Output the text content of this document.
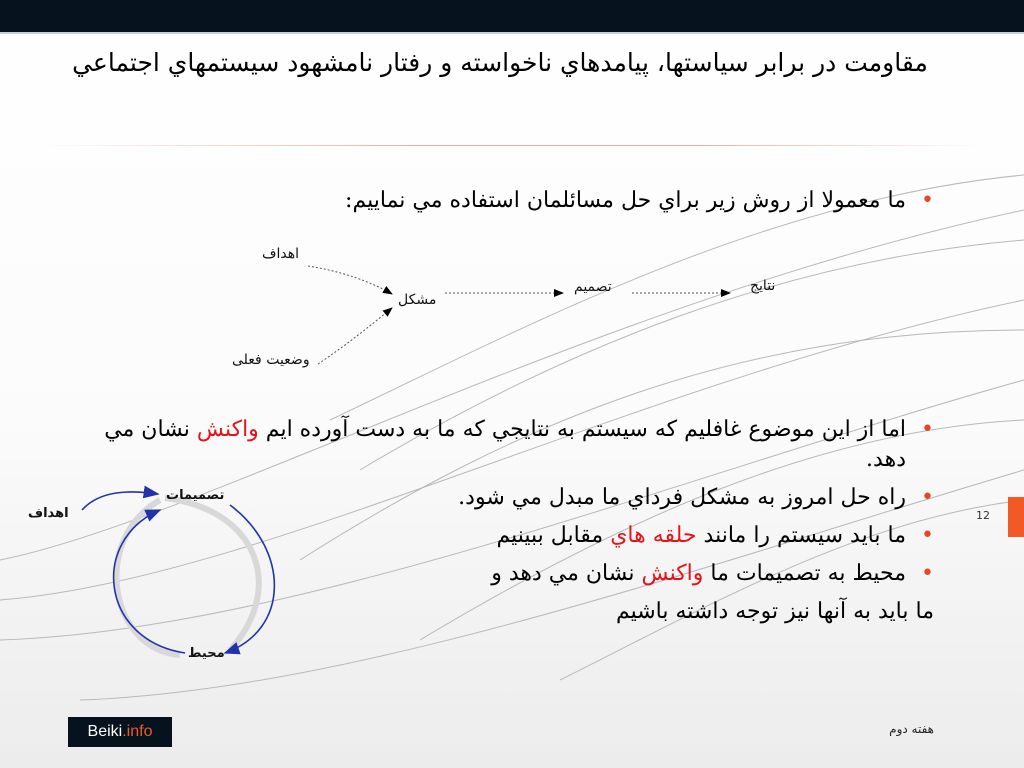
مقاومت در برابر سياستها، پيامدهاي ناخواسته و رفتار نامشهود سيستمهاي اجتماعي
• ما معمولا از روش زير براي حل مسائلمان استفاده مي نماييم:
اهداف
وضعيت فعلى
مشكل
تصميم	نتايج
• اما از اين موضوع غافليم كه سيستم به نتايجي كه ما به دست آورده ايم واكنش نشان مي دهد.
• راه حل امروز به مشكل فرداي ما مبدل مي شود.
• ما بايد سيستم را مانند حلقه هاي مقابل ببينيم
• محيط به تصميمات ما واكنش نشان مي دهد و
ما بايد به آنها نيز توجه داشته باشيم
اهداف
تصميمات
محيط
12
Beiki.info	هفته دوم
